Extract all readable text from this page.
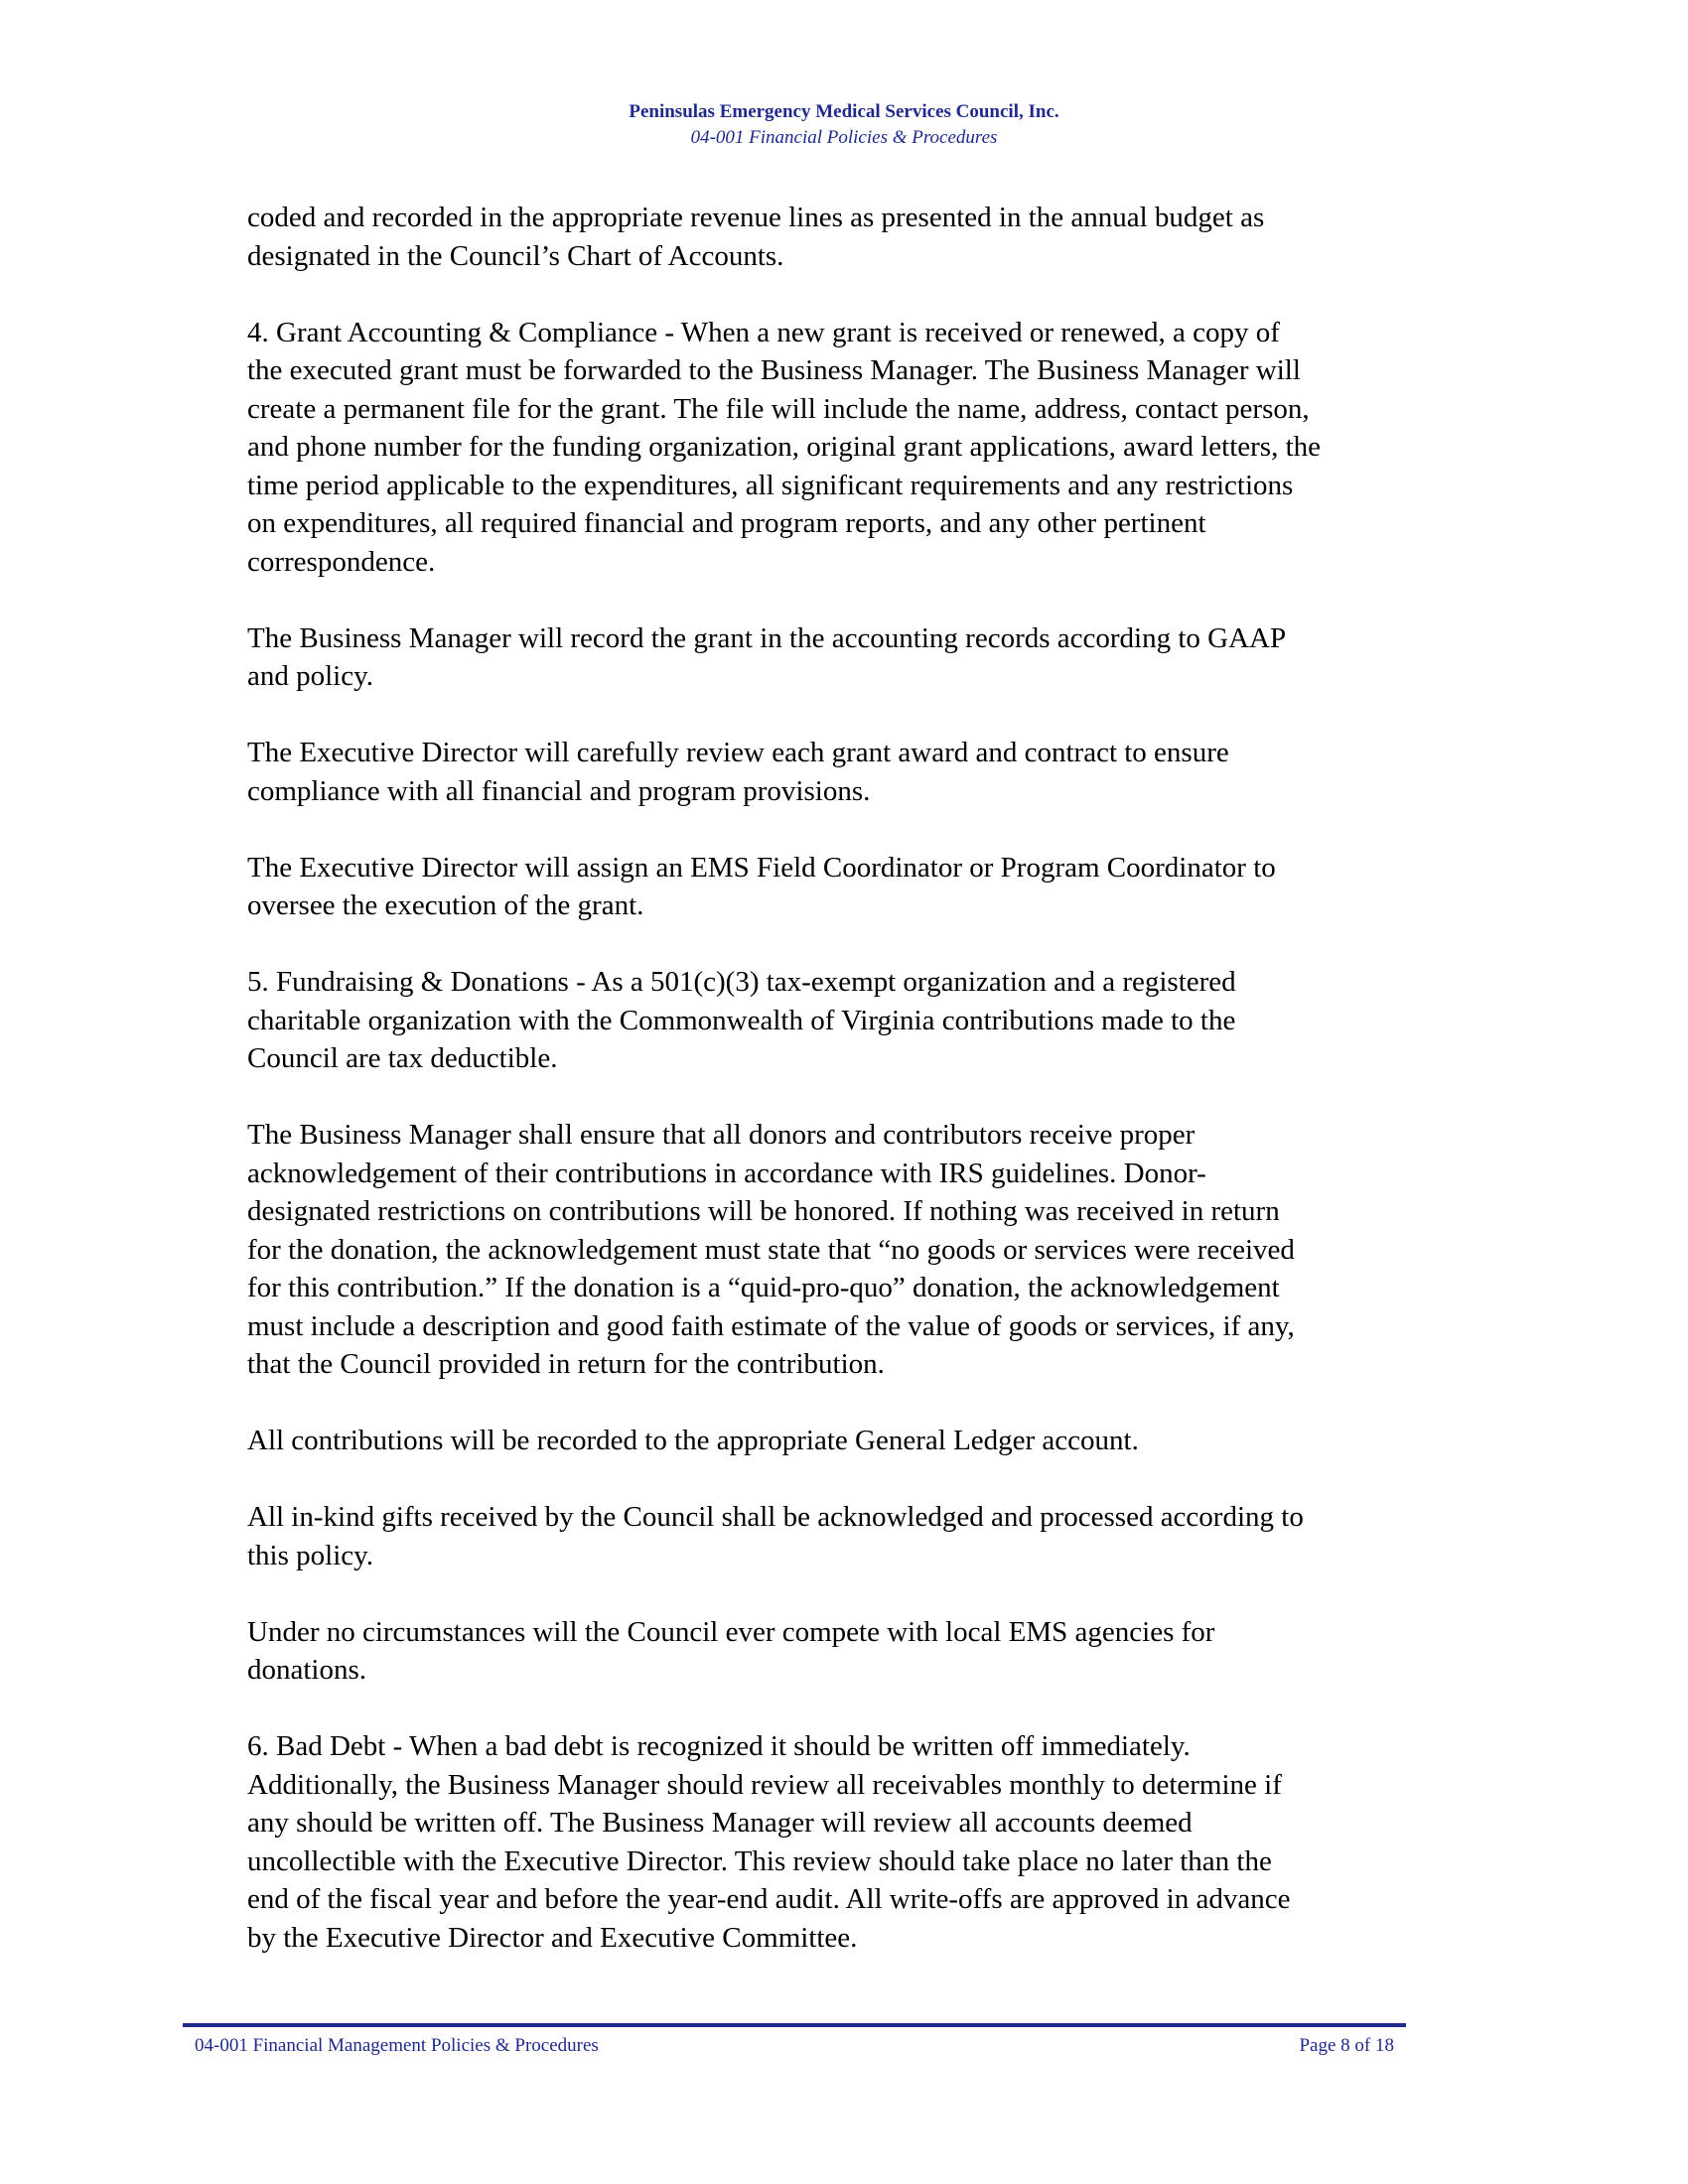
Peninsulas Emergency Medical Services Council, Inc.
04-001 Financial Policies & Procedures

coded and recorded in the appropriate revenue lines as presented in the annual budget as
designated in the Council’s Chart of Accounts.

4. Grant Accounting & Compliance - When a new grant is received or renewed, a copy of
the executed grant must be forwarded to the Business Manager. The Business Manager will
create a permanent file for the grant. The file will include the name, address, contact person,
and phone number for the funding organization, original grant applications, award letters, the
time period applicable to the expenditures, all significant requirements and any restrictions
on expenditures, all required financial and program reports, and any other pertinent
correspondence.

The Business Manager will record the grant in the accounting records according to GAAP
and policy.

The Executive Director will carefully review each grant award and contract to ensure
compliance with all financial and program provisions.

The Executive Director will assign an EMS Field Coordinator or Program Coordinator to
oversee the execution of the grant.

5. Fundraising & Donations - As a 501(c)(3) tax-exempt organization and a registered
charitable organization with the Commonwealth of Virginia contributions made to the
Council are tax deductible.

The Business Manager shall ensure that all donors and contributors receive proper
acknowledgement of their contributions in accordance with IRS guidelines. Donor-
designated restrictions on contributions will be honored. If nothing was received in return
for the donation, the acknowledgement must state that “no goods or services were received
for this contribution.” If the donation is a “quid-pro-quo” donation, the acknowledgement
must include a description and good faith estimate of the value of goods or services, if any,
that the Council provided in return for the contribution.

All contributions will be recorded to the appropriate General Ledger account.

All in-kind gifts received by the Council shall be acknowledged and processed according to
this policy.

Under no circumstances will the Council ever compete with local EMS agencies for
donations.

6. Bad Debt - When a bad debt is recognized it should be written off immediately.
Additionally, the Business Manager should review all receivables monthly to determine if
any should be written off. The Business Manager will review all accounts deemed
uncollectible with the Executive Director. This review should take place no later than the
end of the fiscal year and before the year-end audit. All write-offs are approved in advance
by the Executive Director and Executive Committee.

04-001 Financial Management Policies & Procedures	Page 8 of 18
